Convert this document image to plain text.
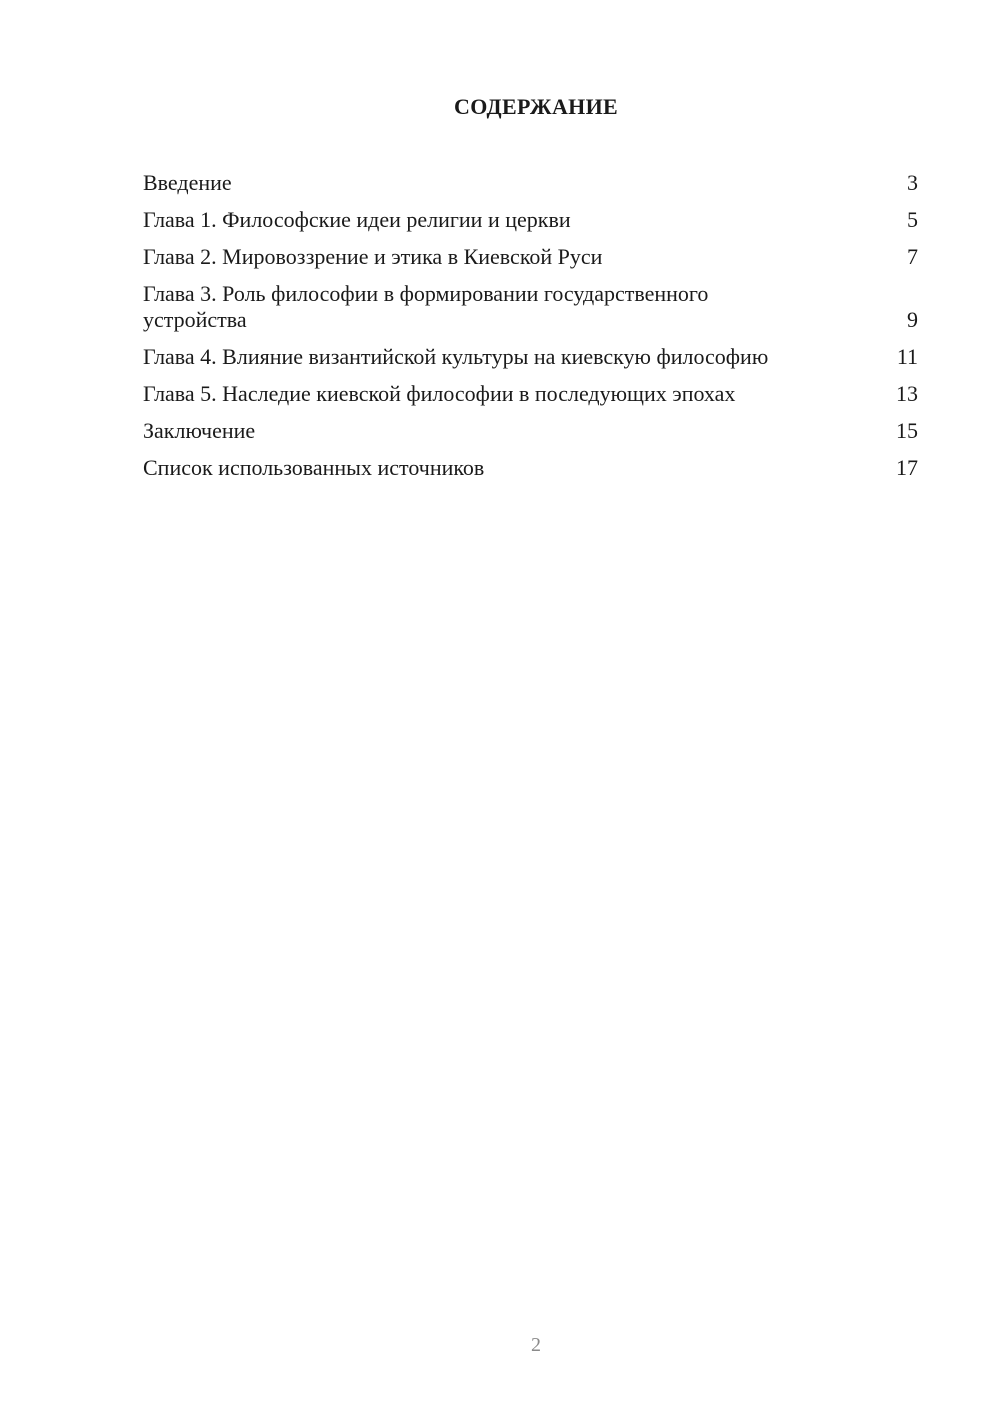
СОДЕРЖАНИЕ
Введение	3
Глава 1. Философские идеи религии и церкви	5
Глава 2. Мировоззрение и этика в Киевской Руси	7
Глава 3. Роль философии в формировании государственного устройства	9
Глава 4. Влияние византийской культуры на киевскую философию	11
Глава 5. Наследие киевской философии в последующих эпохах	13
Заключение	15
Список использованных источников	17
2
